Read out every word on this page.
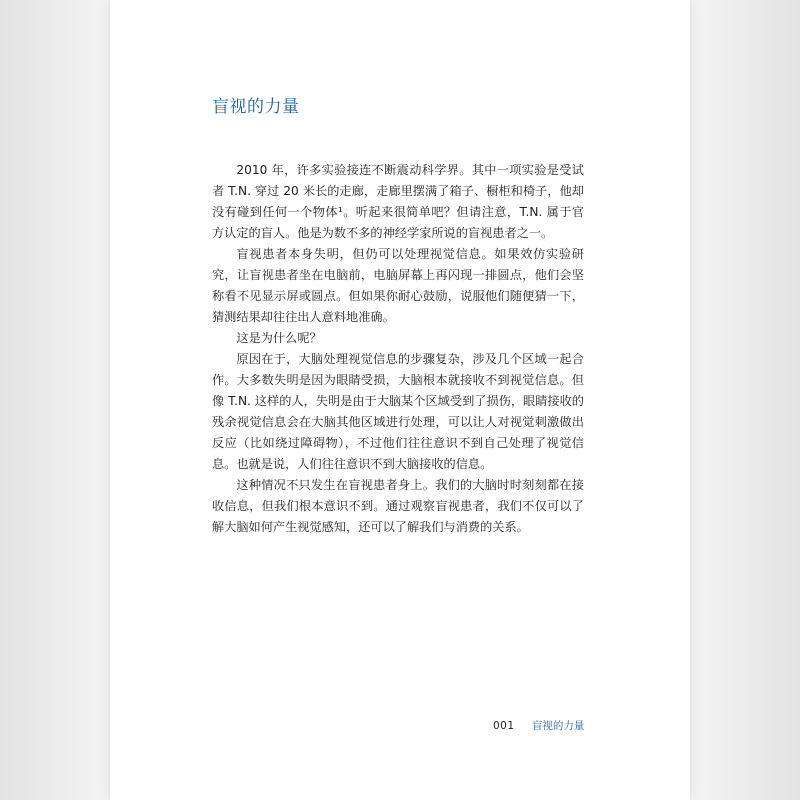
盲视的力量

2010 年，许多实验接连不断震动科学界。其中一项实验是受试者 T.N. 穿过 20 米长的走廊，走廊里摆满了箱子、橱柜和椅子，他却没有碰到任何一个物体¹。听起来很简单吧？但请注意，T.N. 属于官方认定的盲人。他是为数不多的神经学家所说的盲视患者之一。

盲视患者本身失明，但仍可以处理视觉信息。如果效仿实验研究，让盲视患者坐在电脑前，电脑屏幕上再闪现一排圆点，他们会坚称看不见显示屏或圆点。但如果你耐心鼓励，说服他们随便猜一下，猜测结果却往往出人意料地准确。

这是为什么呢？

原因在于，大脑处理视觉信息的步骤复杂，涉及几个区域一起合作。大多数失明是因为眼睛受损，大脑根本就接收不到视觉信息。但像 T.N. 这样的人，失明是由于大脑某个区域受到了损伤，眼睛接收的残余视觉信息会在大脑其他区域进行处理，可以让人对视觉刺激做出反应（比如绕过障碍物），不过他们往往意识不到自己处理了视觉信息。也就是说，人们往往意识不到大脑接收的信息。

这种情况不只发生在盲视患者身上。我们的大脑时时刻刻都在接收信息，但我们根本意识不到。通过观察盲视患者，我们不仅可以了解大脑如何产生视觉感知，还可以了解我们与消费的关系。

001 盲视的力量
